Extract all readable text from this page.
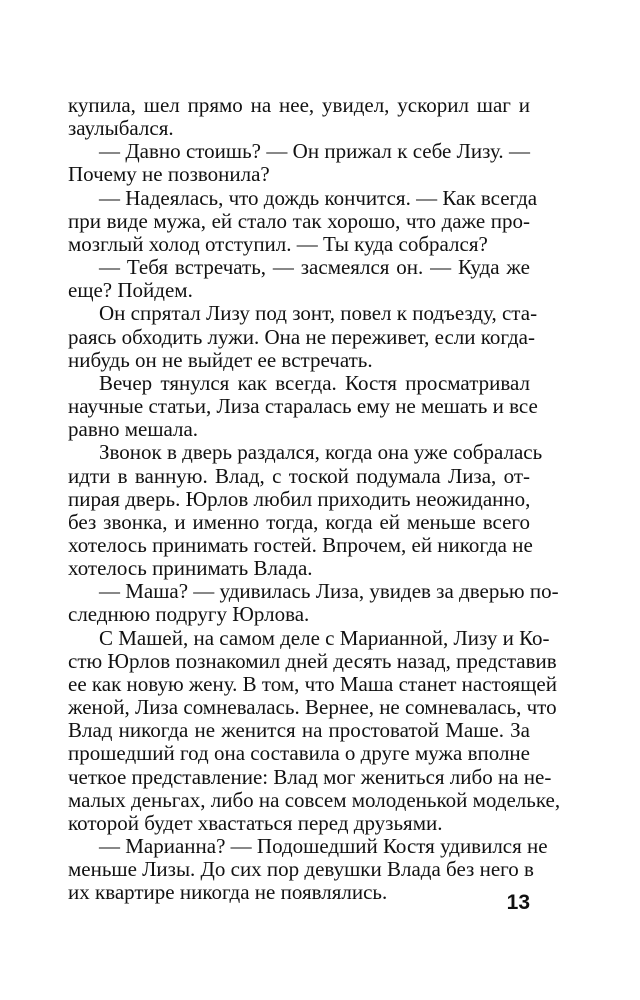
купила, шел прямо на нее, увидел, ускорил шаг и
заулыбался.
— Давно стоишь? — Он прижал к себе Лизу. —
Почему не позвонила?
— Надеялась, что дождь кончится. — Как всегда
при виде мужа, ей стало так хорошо, что даже про-
мозглый холод отступил. — Ты куда собрался?
— Тебя встречать, — засмеялся он. — Куда же
еще? Пойдем.
Он спрятал Лизу под зонт, повел к подъезду, ста-
раясь обходить лужи. Она не переживет, если когда-
нибудь он не выйдет ее встречать.
Вечер тянулся как всегда. Костя просматривал
научные статьи, Лиза старалась ему не мешать и все
равно мешала.
Звонок в дверь раздался, когда она уже собралась
идти в ванную. Влад, с тоской подумала Лиза, от-
пирая дверь. Юрлов любил приходить неожиданно,
без звонка, и именно тогда, когда ей меньше всего
хотелось принимать гостей. Впрочем, ей никогда не
хотелось принимать Влада.
— Маша? — удивилась Лиза, увидев за дверью по-
следнюю подругу Юрлова.
С Машей, на самом деле с Марианной, Лизу и Ко-
стю Юрлов познакомил дней десять назад, представив
ее как новую жену. В том, что Маша станет настоящей
женой, Лиза сомневалась. Вернее, не сомневалась, что
Влад никогда не женится на простоватой Маше. За
прошедший год она составила о друге мужа вполне
четкое представление: Влад мог жениться либо на не-
малых деньгах, либо на совсем молоденькой модельке,
которой будет хвастаться перед друзьями.
— Марианна? — Подошедший Костя удивился не
меньше Лизы. До сих пор девушки Влада без него в
их квартире никогда не появлялись.	13
